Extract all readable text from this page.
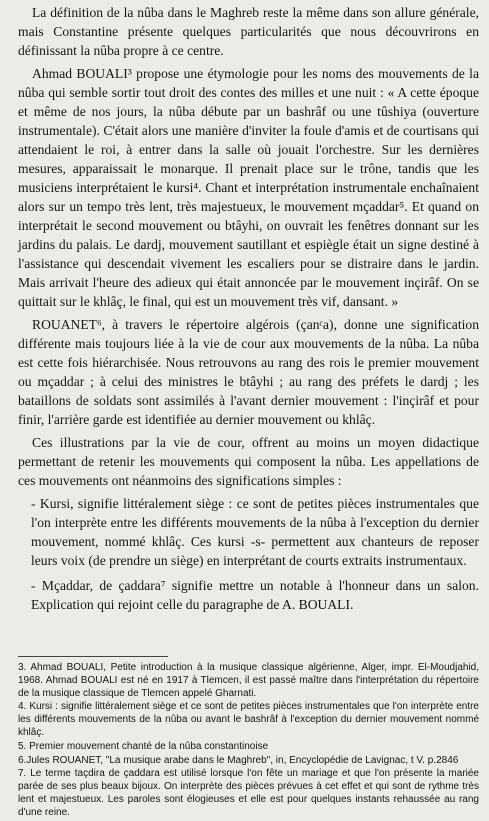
La définition de la nûba dans le Maghreb reste la même dans son allure générale, mais Constantine présente quelques particularités que nous découvrirons en définissant la nûba propre à ce centre.

Ahmad BOUALI³ propose une étymologie pour les noms des mouvements de la nûba qui semble sortir tout droit des contes des milles et une nuit : « A cette époque et même de nos jours, la nûba débute par un bashrâf ou une tûshiya (ouverture instrumentale). C'était alors une manière d'inviter la foule d'amis et de courtisans qui attendaient le roi, à entrer dans la salle où jouait l'orchestre. Sur les dernières mesures, apparaissait le monarque. Il prenait place sur le trône, tandis que les musiciens interprétaient le kursi⁴. Chant et interprétation instrumentale enchaînaient alors sur un tempo très lent, très majestueux, le mouvement mçaddar⁵. Et quand on interprétait le second mouvement ou btâyhi, on ouvrait les fenêtres donnant sur les jardins du palais. Le dardj, mouvement sautillant et espiègle était un signe destiné à l'assistance qui descendait vivement les escaliers pour se distraire dans le jardin. Mais arrivait l'heure des adieux qui était annoncée par le mouvement inçirâf. On se quittait sur le khlâç, le final, qui est un mouvement très vif, dansant. »

ROUANET⁶, à travers le répertoire algérois (çanᶜa), donne une signification différente mais toujours liée à la vie de cour aux mouvements de la nûba. La nûba est cette fois hiérarchisée. Nous retrouvons au rang des rois le premier mouvement ou mçaddar ; à celui des ministres le btâyhi ; au rang des préfets le dardj ; les bataillons de soldats sont assimilés à l'avant dernier mouvement : l'inçirâf et pour finir, l'arrière garde est identifiée au dernier mouvement ou khlâç.

Ces illustrations par la vie de cour, offrent au moins un moyen didactique permettant de retenir les mouvements qui composent la nûba. Les appellations de ces mouvements ont néanmoins des significations simples :

- Kursi, signifie littéralement siège : ce sont de petites pièces instrumentales que l'on interprète entre les différents mouvements de la nûba à l'exception du dernier mouvement, nommé khlâç. Ces kursi -s- permettent aux chanteurs de reposer leurs voix (de prendre un siège) en interprétant de courts extraits instrumentaux.

- Mçaddar, de çaddara⁷ signifie mettre un notable à l'honneur dans un salon. Explication qui rejoint celle du paragraphe de A. BOUALI.

3. Ahmad BOUALI, Petite introduction à la musique classique algérienne, Alger, impr. El-Moudjahid, 1968. Ahmad BOUALI est né en 1917 à Tlemcen, il est passé maître dans l'interprétation du répertoire de la musique classique de Tlemcen appelé Gharnati.

4. Kursi : signifie littéralement siège et ce sont de petites pièces instrumentales que l'on interprète entre les différents mouvements de la nûba ou avant le bashrâf à l'exception du dernier mouvement nommé khlâç.

5. Premier mouvement chanté de la nûba constantinoise

6.Jules ROUANET, "La musique arabe dans le Maghreb", in, Encyclopédie de Lavignac, t V. p.2846

7. Le terme taçdira de çaddara est utilisé lorsque l'on fête un mariage et que l'on présente la mariée parée de ses plus beaux bijoux. On interprète des pièces prévues à cet effet et qui sont de rythme très lent et majestueux. Les paroles sont élogieuses et elle est pour quelques instants rehaussée au rang d'une reine.
